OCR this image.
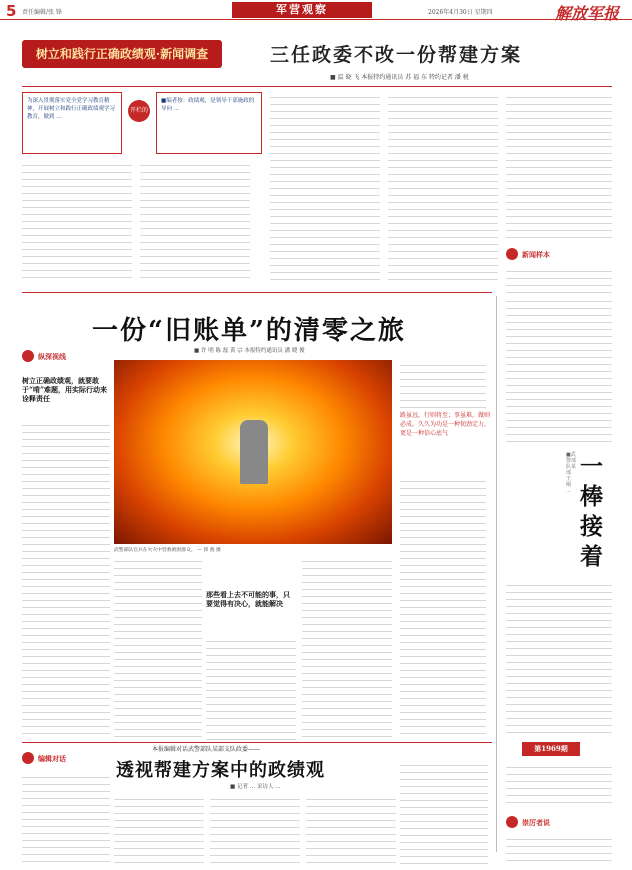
5 责任编辑/张 锋	军营观察	2026年4月30日 星期四	解放军报
树立和践行正确政绩观·新闻调查	三任政委不改一份帮建方案
■ 温 晓 飞 本报特约通讯员 苏 福 东 特约记者 潘 税
为深入贯彻落实党全党学习教育精神，开展树立和践行正确政绩观学习教育，做到 …
开栏的话
■编者按：政绩观，是领导干部施政的导向 …
新闻样本
一份“旧账单”的清零之旅
■ 许 明 陈 磊 黄 宗 本报特约通讯员 潘 晓 俊
纵深视线
树立正确政绩观，就要敢于“啃”难题，用实际行动来诠释责任
武警部队官兵在火灾中营救被困群众。 — 郭 燕 摄
路虽远，行则将至；事虽难，做则必成。久久为功是一种韧劲定力，更是一种信心底气
那些看上去不可能的事，只要觉得有决心，就能解决
一棒接着
■武警部队某部 王 刚 …
第1969期
崇厉者说
编辑对话
本报编辑对话武警部队某部支队政委——
透视帮建方案中的政绩观
■ 记者 … 采访人 …
